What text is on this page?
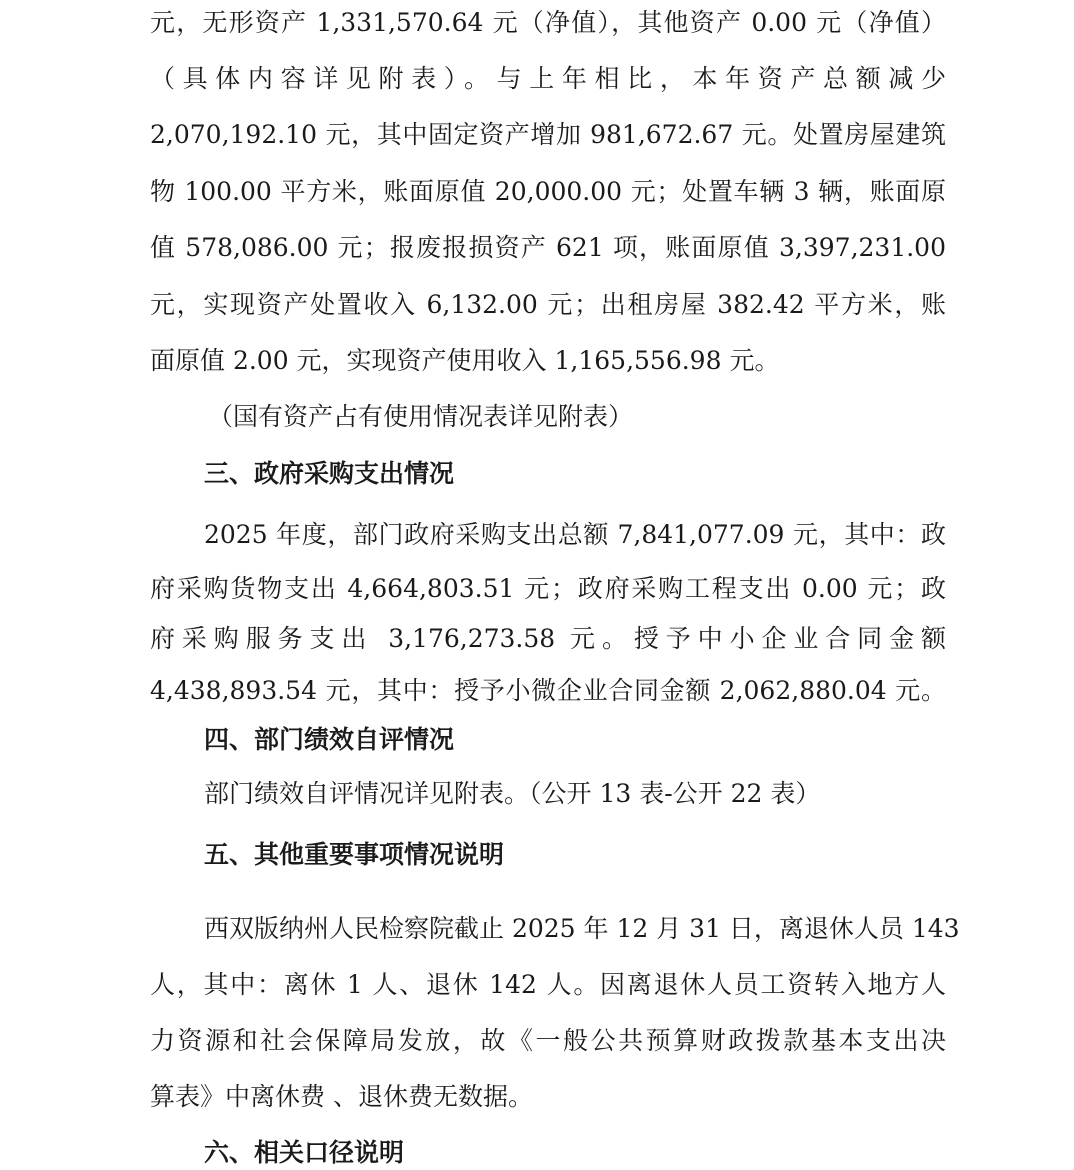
元，无形资产 1,331,570.64 元（净值），其他资产 0.00 元（净值）
（具体内容详见附表）。与上年相比，本年资产总额减少
2,070,192.10 元，其中固定资产增加 981,672.67 元。处置房屋建筑
物 100.00 平方米，账面原值 20,000.00 元；处置车辆 3 辆，账面原
值 578,086.00 元；报废报损资产 621 项，账面原值 3,397,231.00
元，实现资产处置收入 6,132.00 元；出租房屋 382.42 平方米，账
面原值 2.00 元，实现资产使用收入 1,165,556.98 元。
（国有资产占有使用情况表详见附表）
三、政府采购支出情况
2025 年度，部门政府采购支出总额 7,841,077.09 元，其中：政
府采购货物支出 4,664,803.51 元；政府采购工程支出 0.00 元；政
府采购服务支出 3,176,273.58 元。授予中小企业合同金额
4,438,893.54 元，其中：授予小微企业合同金额 2,062,880.04 元。
四、部门绩效自评情况
部门绩效自评情况详见附表。（公开 13 表-公开 22 表）
五、其他重要事项情况说明
西双版纳州人民检察院截止 2025 年 12 月 31 日，离退休人员 143
人，其中：离休 1 人、退休 142 人。因离退休人员工资转入地方人
力资源和社会保障局发放，故《一般公共预算财政拨款基本支出决
算表》中离休费 、退休费无数据。
六、相关口径说明
